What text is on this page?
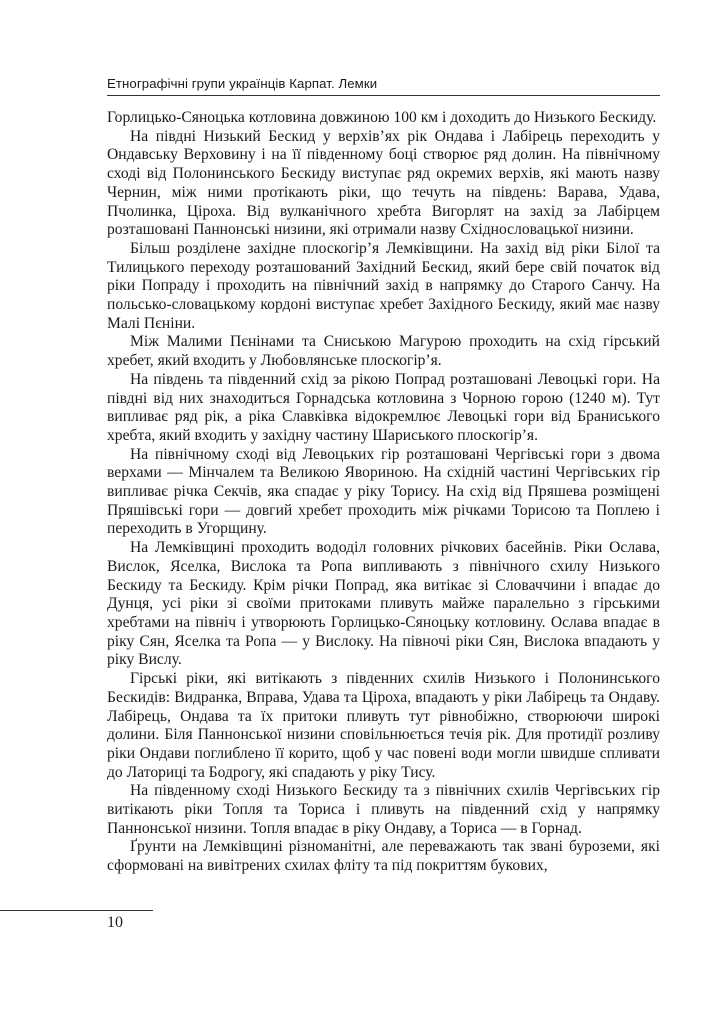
Етнографічні групи українців Карпат. Лемки

Горлицько-Сяноцька котловина довжиною 100 км і доходить до Низького Бескиду.

На півдні Низький Бескид у верхів’ях рік Ондава і Лабірець переходить у Ондавську Верховину і на її південному боці створює ряд долин. На північному сході від Полонинського Бескиду виступає ряд окремих верхів, які мають назву Чернин, між ними протікають ріки, що течуть на південь: Варава, Удава, Пчолинка, Ціроха. Від вулканічного хребта Вигорлят на захід за Лабірцем розташовані Паннонські низини, які отримали назву Східнословацької низини.

Більш розділене західне плоскогір’я Лемківщини. На захід від ріки Білої та Тилицького переходу розташований Західний Бескид, який бере свій початок від ріки Попраду і проходить на північний захід в напрямку до Старого Санчу. На польсько-словацькому кордоні виступає хребет Західного Бескиду, який має назву Малі Пєніни.

Між Малими Пєнінами та Сниською Магурою проходить на схід гірський хребет, який входить у Любовлянське плоскогір’я.

На південь та південний схід за рікою Попрад розташовані Левоцькі гори. На півдні від них знаходиться Горнадська котловина з Чорною горою (1240 м). Тут випливає ряд рік, а ріка Славківка відокремлює Левоцькі гори від Браниського хребта, який входить у західну частину Шариського плоскогір’я.

На північному сході від Левоцьких гір розташовані Чергівські гори з двома верхами — Мінчалем та Великою Явориною. На східній частині Чергівських гір випливає річка Секчів, яка спадає у ріку Торису. На схід від Пряшева розміщені Пряшівські гори — довгий хребет проходить між річками Торисою та Поплею і переходить в Угорщину.

На Лемківщині проходить вододіл головних річкових басейнів. Ріки Ослава, Вислок, Яселка, Вислока та Ропа випливають з північного схилу Низького Бескиду та Бескиду. Крім річки Попрад, яка витікає зі Словаччини і впадає до Дунця, усі ріки зі своїми притоками пливуть майже паралельно з гірськими хребтами на північ і утворюють Горлицько-Сяноцьку котловину. Ослава впадає в ріку Сян, Яселка та Ропа — у Вислоку. На півночі ріки Сян, Вислока впадають у ріку Вислу.

Гірські ріки, які витікають з південних схилів Низького і Полонинського Бескидів: Видранка, Вправа, Удава та Ціроха, впадають у ріки Лабірець та Ондаву. Лабірець, Ондава та їх притоки пливуть тут рівнобіжно, створюючи широкі долини. Біля Паннонської низини сповільнюється течія рік. Для протидії розливу ріки Ондави поглиблено її корито, щоб у час повені води могли швидше спливати до Латориці та Бодрогу, які спадають у ріку Тису.

На південному сході Низького Бескиду та з північних схилів Чергівських гір витікають ріки Топля та Ториса і пливуть на південний схід у напрямку Паннонської низини. Топля впадає в ріку Ондаву, а Ториса — в Горнад.

Ґрунти на Лемківщині різноманітні, але переважають так звані буроземи, які сформовані на вивітрених схилах фліту та під покриттям букових,

10
